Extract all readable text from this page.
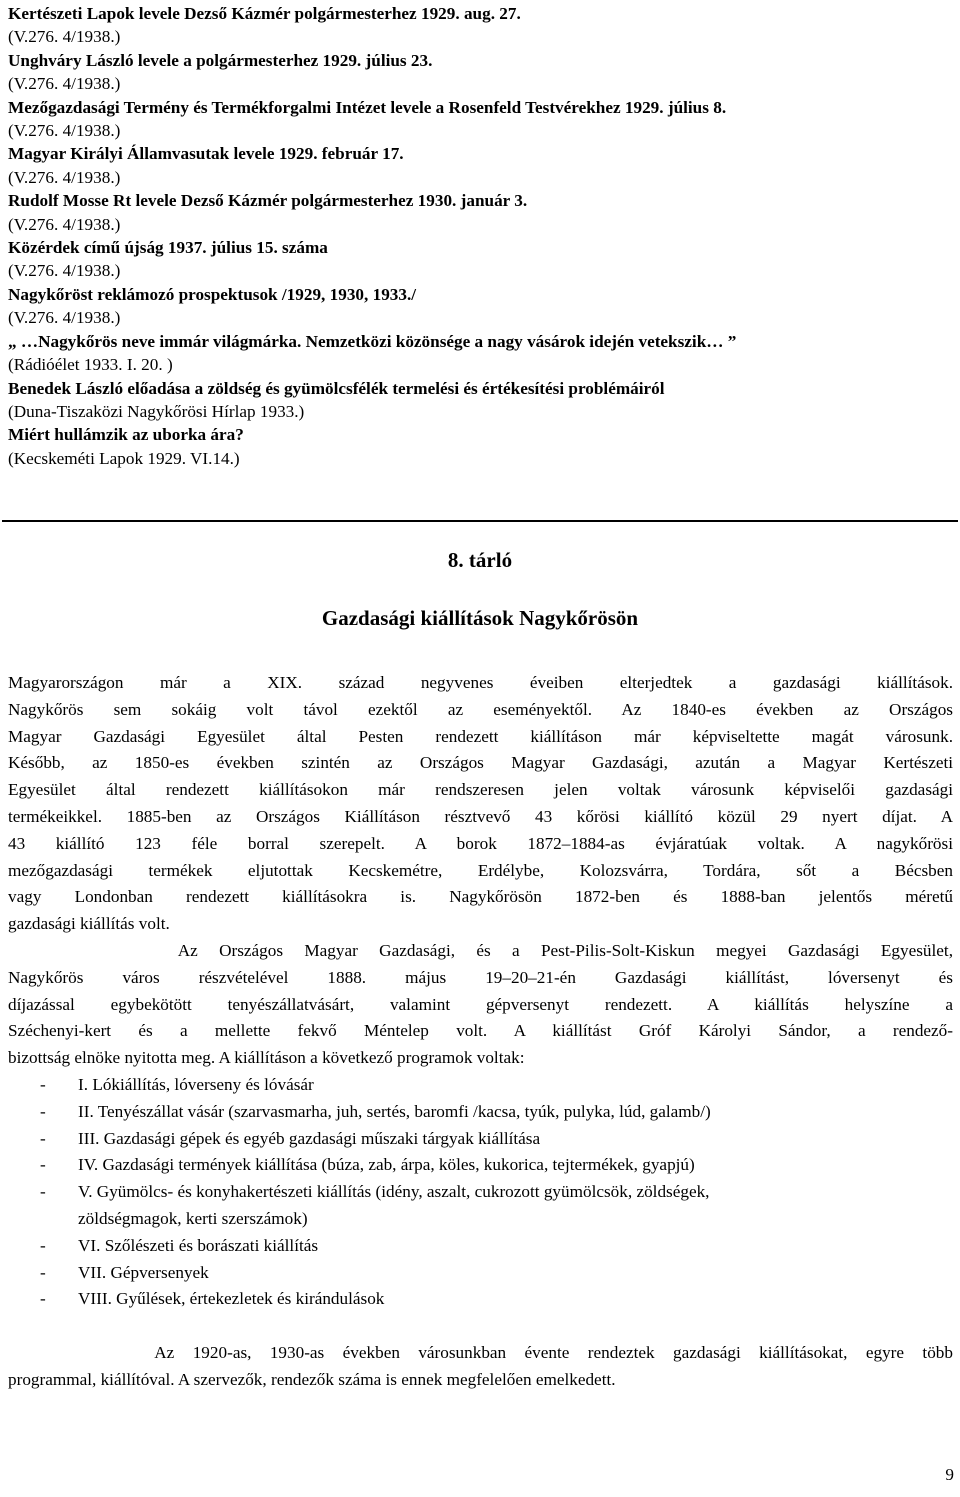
Kertészeti Lapok levele Dezső Kázmér polgármesterhez 1929. aug. 27.
(V.276. 4/1938.)
Unghváry László levele a polgármesterhez 1929. július 23.
(V.276. 4/1938.)
Mezőgazdasági Termény és Termékforgalmi Intézet levele a Rosenfeld Testvérekhez 1929. július 8.
(V.276. 4/1938.)
Magyar Királyi Államvasutak levele 1929. február 17.
(V.276. 4/1938.)
Rudolf Mosse Rt levele Dezső Kázmér polgármesterhez 1930. január 3.
(V.276. 4/1938.)
Közérdek című újság 1937. július 15. száma
(V.276. 4/1938.)
Nagykőröst reklámozó prospektusok /1929, 1930, 1933./
(V.276. 4/1938.)
„ …Nagykőrös neve immár világmárka. Nemzetközi közönsége a nagy vásárok idején vetekszik… ”
(Rádióélet 1933. I. 20. )
Benedek László előadása a zöldség és gyümölcsfélék termelési és értékesítési problémáiról
(Duna-Tiszaközi Nagykőrösi Hírlap 1933.)
Miért hullámzik az uborka ára?
(Kecskeméti Lapok 1929. VI.14.)
8. tárló
Gazdasági kiállítások Nagykőrösön
Magyarországon már a XIX. század negyvenes éveiben elterjedtek a gazdasági kiállítások.
Nagykőrös sem sokáig volt távol ezektől az eseményektől. Az 1840-es években az Országos
Magyar Gazdasági Egyesület által Pesten rendezett kiállításon már képviseltette magát városunk.
Később, az 1850-es években szintén az Országos Magyar Gazdasági, azután a Magyar Kertészeti
Egyesület által rendezett kiállításokon már rendszeresen jelen voltak városunk képviselői gazdasági
termékeikkel. 1885-ben az Országos Kiállításon résztvevő 43 kőrösi kiállító közül 29 nyert díjat. A
43 kiállító 123 féle borral szerepelt. A borok 1872–1884-as évjáratúak voltak. A nagykőrösi
mezőgazdasági termékek eljutottak Kecskemétre, Erdélybe, Kolozsvárra, Tordára, sőt a Bécsben
vagy Londonban rendezett kiállításokra is. Nagykőrösön 1872-ben és 1888-ban jelentős méretű
gazdasági kiállítás volt.
Az Országos Magyar Gazdasági, és a Pest-Pilis-Solt-Kiskun megyei Gazdasági Egyesület,
Nagykőrös város részvételével 1888. május 19–20–21-én Gazdasági kiállítást, lóversenyt és
díjazással egybekötött tenyészállatvásárt, valamint gépversenyt rendezett. A kiállítás helyszíne a
Széchenyi-kert és a mellette fekvő Méntelep volt. A kiállítást Gróf Károlyi Sándor, a rendező-
bizottság elnöke nyitotta meg. A kiállításon a következő programok voltak:
- I. Lókiállítás, lóverseny és lóvásár
- II. Tenyészállat vásár (szarvasmarha, juh, sertés, baromfi /kacsa, tyúk, pulyka, lúd, galamb/)
- III. Gazdasági gépek és egyéb gazdasági műszaki tárgyak kiállítása
- IV. Gazdasági termények kiállítása (búza, zab, árpa, köles, kukorica, tejtermékek, gyapjú)
- V. Gyümölcs- és konyhakertészeti kiállítás (idény, aszalt, cukrozott gyümölcsök, zöldségek,
zöldségmagok, kerti szerszámok)
- VI. Szőlészeti és borászati kiállítás
- VII. Gépversenyek
- VIII. Gyűlések, értekezletek és kirándulások
Az 1920-as, 1930-as években városunkban évente rendeztek gazdasági kiállításokat, egyre több
programmal, kiállítóval. A szervezők, rendezők száma is ennek megfelelően emelkedett.
9
